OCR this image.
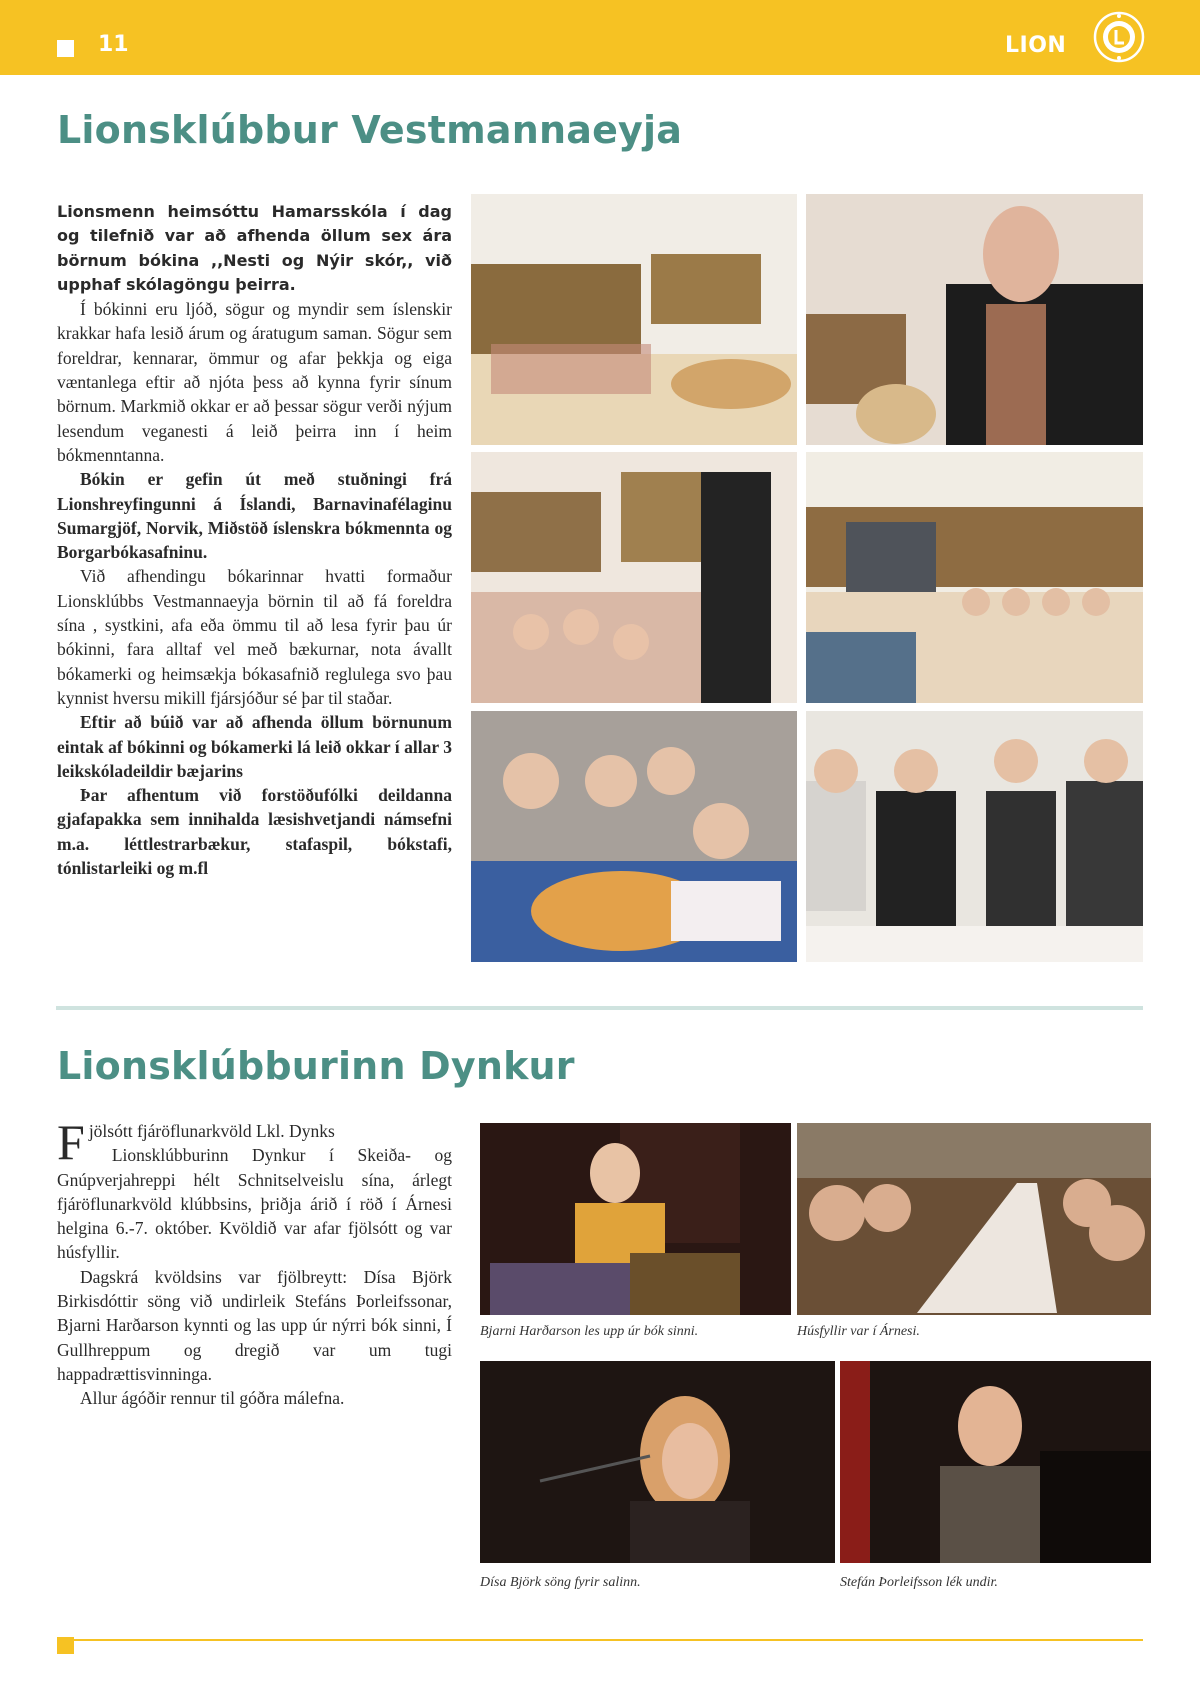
11	LION
Lionsklúbbur Vestmannaeyja

Lionsmenn heimsóttu Hamarsskóla í dag og tilefnið var að afhenda öllum sex ára börnum bókina ,,Nesti og Nýir skór,, við upphaf skólagöngu þeirra.

Í bókinni eru ljóð, sögur og myndir sem íslenskir krakkar hafa lesið árum og áratugum saman. Sögur sem foreldrar, kennarar, ömmur og afar þekkja og eiga væntanlega eftir að njóta þess að kynna fyrir sínum börnum. Markmið okkar er að þessar sögur verði nýjum lesendum veganesti á leið þeirra inn í heim bókmenntanna.

Bókin er gefin út með stuðningi frá Lionshreyfingunni á Íslandi, Barnavinafélaginu Sumargjöf, Norvik, Miðstöð íslenskra bókmennta og Borgarbókasafninu.

Við afhendingu bókarinnar hvatti formaður Lionsklúbbs Vestmannaeyja börnin til að fá foreldra sína , systkini, afa eða ömmu til að lesa fyrir þau úr bókinni, fara alltaf vel með bækurnar, nota ávallt bókamerki og heimsækja bókasafnið reglulega svo þau kynnist hversu mikill fjársjóður sé þar til staðar.

Eftir að búið var að afhenda öllum börnunum eintak af bókinni og bókamerki lá leið okkar í allar 3 leikskóladeildir bæjarins

Þar afhentum við forstöðufólki deildanna gjafapakka sem innihalda læsishvetjandi námsefni m.a. léttlestrarbækur, stafaspil, bókstafi, tónlistarleiki og m.fl

Lionsklúbburinn Dynkur

Fjölsótt fjáröflunarkvöld Lkl. Dynks
Lionsklúbburinn Dynkur í Skeiða- og Gnúpverjahreppi hélt Schnitselveislu sína, árlegt fjáröflunarkvöld klúbbsins, þriðja árið í röð í Árnesi helgina 6.-7. október. Kvöldið var afar fjölsótt og var húsfyllir.

Dagskrá kvöldsins var fjölbreytt: Dísa Björk Birkisdóttir söng við undirleik Stefáns Þorleifssonar, Bjarni Harðarson kynnti og las upp úr nýrri bók sinni, Í Gullhreppum og dregið var um tugi happadrættisvinninga.

Allur ágóðir rennur til góðra málefna.

Bjarni Harðarson les upp úr bók sinni.	Húsfyllir var í Árnesi.
Dísa Björk söng fyrir salinn.	Stefán Þorleifsson lék undir.
